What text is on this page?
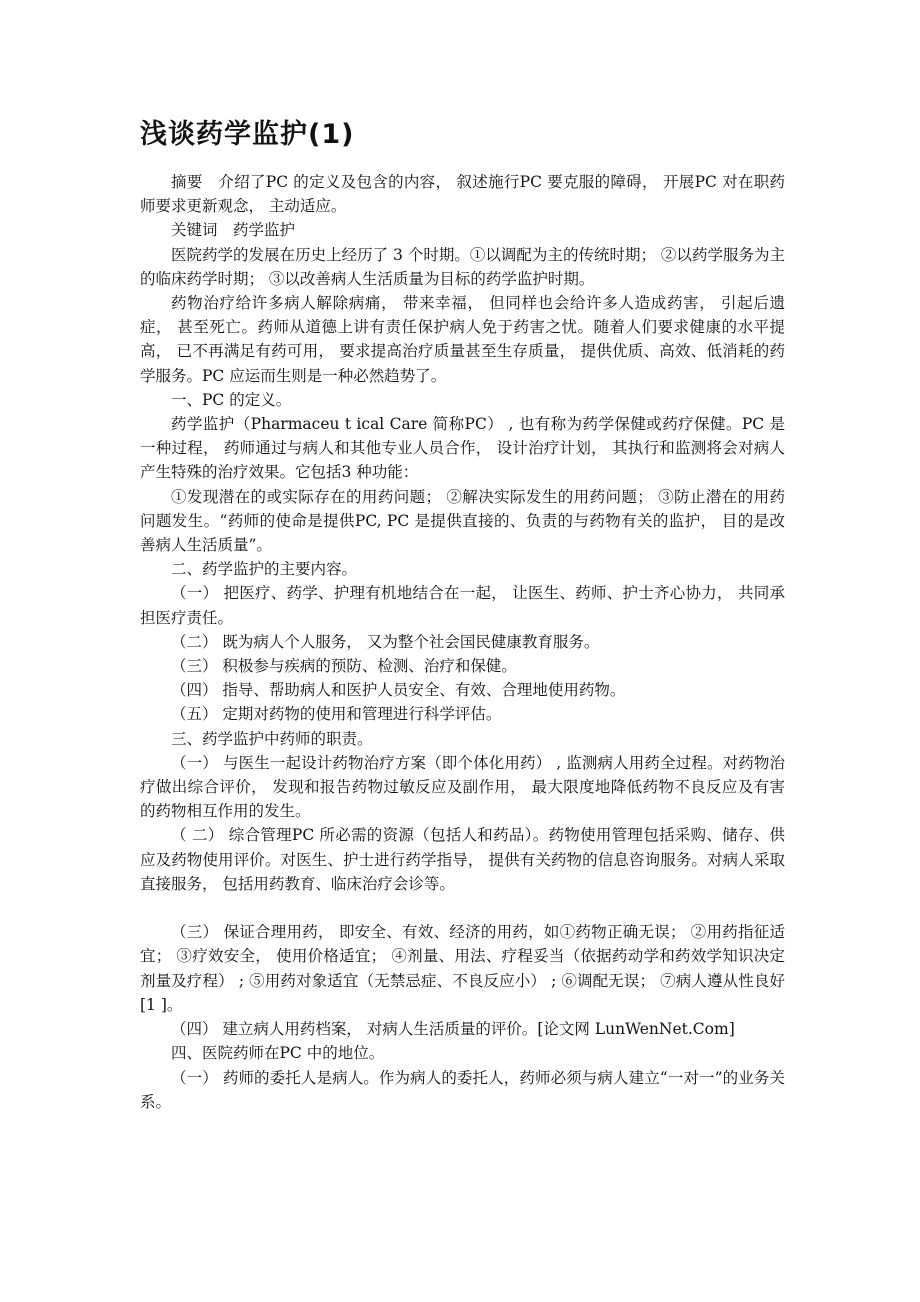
浅谈药学监护(1)

摘要　介绍了PC 的定义及包含的内容， 叙述施行PC 要克服的障碍， 开展PC 对在职药师要求更新观念， 主动适应。

关键词　药学监护

医院药学的发展在历史上经历了 3 个时期。①以调配为主的传统时期； ②以药学服务为主的临床药学时期； ③以改善病人生活质量为目标的药学监护时期。

药物治疗给许多病人解除病痛， 带来幸福， 但同样也会给许多人造成药害， 引起后遗症， 甚至死亡。药师从道德上讲有责任保护病人免于药害之忧。随着人们要求健康的水平提高， 已不再满足有药可用， 要求提高治疗质量甚至生存质量， 提供优质、高效、低消耗的药学服务。PC 应运而生则是一种必然趋势了。

一、PC 的定义。

药学监护（Pharmaceu t ical Care 简称PC） , 也有称为药学保健或药疗保健。PC 是一种过程， 药师通过与病人和其他专业人员合作， 设计治疗计划， 其执行和监测将会对病人产生特殊的治疗效果。它包括3 种功能：

①发现潜在的或实际存在的用药问题； ②解决实际发生的用药问题； ③防止潜在的用药问题发生。“药师的使命是提供PC, PC 是提供直接的、负责的与药物有关的监护， 目的是改善病人生活质量”。

二、药学监护的主要内容。

（一） 把医疗、药学、护理有机地结合在一起， 让医生、药师、护士齐心协力， 共同承担医疗责任。

（二） 既为病人个人服务， 又为整个社会国民健康教育服务。

（三） 积极参与疾病的预防、检测、治疗和保健。

（四） 指导、帮助病人和医护人员安全、有效、合理地使用药物。

（五） 定期对药物的使用和管理进行科学评估。

三、药学监护中药师的职责。

（一） 与医生一起设计药物治疗方案（即个体化用药） , 监测病人用药全过程。对药物治疗做出综合评价， 发现和报告药物过敏反应及副作用， 最大限度地降低药物不良反应及有害的药物相互作用的发生。

（ 二） 综合管理PC 所必需的资源（包括人和药品）。药物使用管理包括采购、储存、供应及药物使用评价。对医生、护士进行药学指导， 提供有关药物的信息咨询服务。对病人采取直接服务， 包括用药教育、临床治疗会诊等。

（三） 保证合理用药， 即安全、有效、经济的用药，如①药物正确无误； ②用药指征适宜； ③疗效安全， 使用价格适宜； ④剂量、用法、疗程妥当（依据药动学和药效学知识决定剂量及疗程） ; ⑤用药对象适宜（无禁忌症、不良反应小） ; ⑥调配无误； ⑦病人遵从性良好[1 ]。

（四） 建立病人用药档案， 对病人生活质量的评价。[论文网 LunWenNet.Com]

四、医院药师在PC 中的地位。

（一） 药师的委托人是病人。作为病人的委托人，药师必须与病人建立“一对一”的业务关系。
